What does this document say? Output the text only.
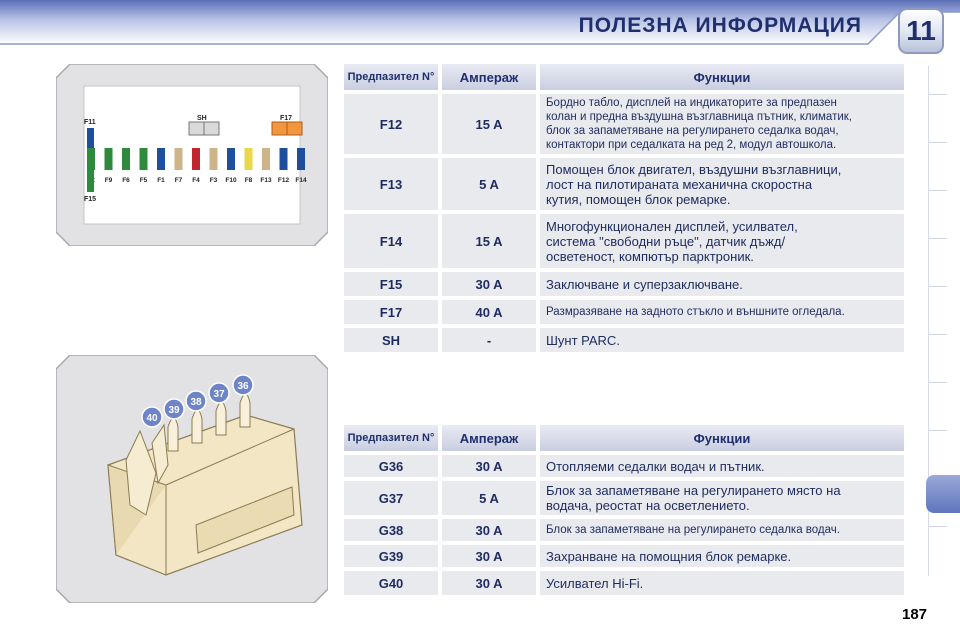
ПОЛЕЗНА ИНФОРМАЦИЯ 11
F11
SH	F17
F9 F6 F5 F1 F7 F4 F3 F10 F8 F13 F12 F14
F15
40
39
38
37
36
Предпазител N°	Ампераж	Функции
F12	15 A
Бордно табло, дисплей на индикаторите за предпазен
колан и предна въздушна възглавница пътник, климатик,
блок за запаметяване на регулирането седалка водач,
контактори при седалката на ред 2, модул автошкола.
F13	5 A
Помощен блок двигател, въздушни възглавници,
лост на пилотираната механична скоростна
кутия, помощен блок ремарке.
F14	15 A
Многофункционален дисплей, усилвател,
система "свободни ръце", датчик дъжд/
осветеност, компютър парктроник.
F15	30 A	Заключване и суперзаключване.
F17	40 A	Размразяване на задното стъкло и външните огледала.
SH	-	Шунт PARC.
Предпазител N°	Ампераж	Функции
G36	30 A	Отопляеми седалки водач и пътник.
G37	5 A	Блок за запаметяване на регулирането място на
водача, реостат на осветлението.
G38	30 A	Блок за запаметяване на регулирането седалка водач.
G39	30 A	Захранване на помощния блок ремарке.
G40	30 A	Усилвател Hi-Fi.
187
